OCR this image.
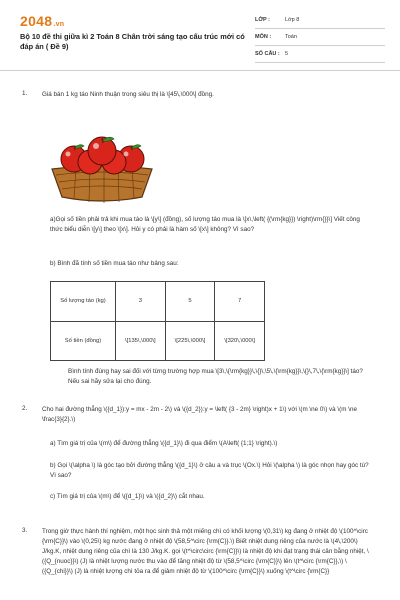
2048.vn
Bộ 10 đề thi giữa kì 2 Toán 8 Chân trời sáng tạo cấu trúc mới có đáp án ( Đề 9)
LỚP :	Lớp 8
MÔN :	Toán
SỐ CÂU : 5
1. Giá bán 1 kg táo Ninh thuận trong siêu thị là \[45\,\000\] đồng.
a)Gọi số tiền phải trả khi mua táo là \[y\] (đồng), số lượng táo mua là \[x\,\left( {(\rm{kg}}) \right)\rm{}}\] Viết công thức biểu diễn \[y\] theo \[x\]. Hỏi y có phải là hàm số \[x\] không? Vì sao?
b) Bình đã tính số tiền mua táo như bảng sau:
Số lượng táo (kg)	3	5	7
Số tiền (đồng)	\[135\,\000\]	\[225\,\000\]	\[320\,\000\]
Bình tính đúng hay sai đối với từng trường hợp mua \[3\,\{\rm{kg}}\,\{}\,\5\,\{\rm{kg}}\,\{}\,7\,\{\rm{kg}}\] táo? Nếu sai hãy sửa lại cho đúng.
2. Cho hai đường thẳng \({d_1}):y = mx - 2m - 2\) và \({d_2}):y = \left( {3 - 2m} \right)x + 1\) với \(m \ne 0\) và \(m \ne \frac{3}{2}.\)
a) Tìm giá trị của \(m\) để đường thẳng \({d_1}\) đi qua điểm \(A\left( {1;1} \right).\)
b) Gọi \(\alpha \) là góc tạo bởi đường thẳng \({d_1}\) ở câu a và trục \(Ox.\) Hỏi \(\alpha \) là góc nhọn hay góc tù? Vì sao?
c) Tìm giá trị của \(m\) để \({d_1}\) và \({d_2}\) cắt nhau.
3. Trong giờ thực hành thí nghiệm, một học sinh thả một miếng chì có khối lượng \(0,31\) kg đang ở nhiệt độ \(100^\circ {\rm{C}}\) vào \(0,25\) kg nước đang ở nhiệt độ \(58,5^\circ {\rm{C}}.\) Biết nhiệt dung riêng của nước là \(4\,\200\) J/kg.K, nhiệt dung riêng của chì là 130 J/kg.K. gọi \(t^\circ\circ {\rm{C}}\) là nhiệt độ khi đạt trạng thái cân bằng nhiệt, \({Q_{nuoc}}\) (J) là nhiệt lượng nước thu vào để tăng nhiệt độ từ \(58,5^\circ {\rm{C}}\) lên \(t^\circ {\rm{C}},\) \({Q_{chi}}\) (J) là nhiệt lượng chì tỏa ra để giảm nhiệt độ từ \(100^\circ {\rm{C}}\) xuống \(t^\circ {\rm{C}}
